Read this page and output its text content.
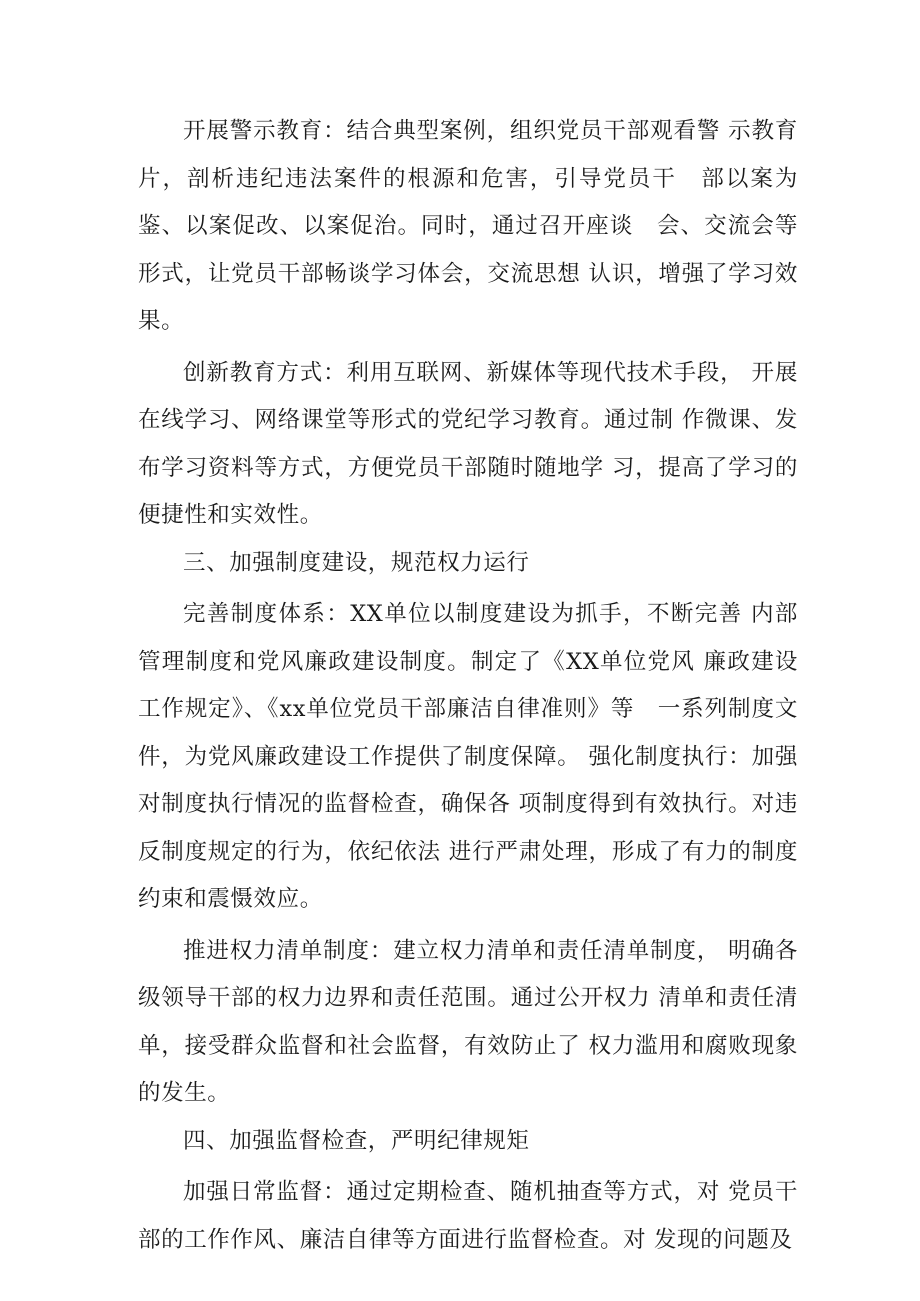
开展警示教育：结合典型案例，组织党员干部观看警 示教育片，剖析违纪违法案件的根源和危害，引导党员干　部以案为鉴、以案促改、以案促治。同时，通过召开座谈　会、交流会等形式，让党员干部畅谈学习体会，交流思想 认识，增强了学习效果。

创新教育方式：利用互联网、新媒体等现代技术手段， 开展在线学习、网络课堂等形式的党纪学习教育。通过制 作微课、发布学习资料等方式，方便党员干部随时随地学 习，提高了学习的便捷性和实效性。

三、加强制度建设，规范权力运行

完善制度体系：XX单位以制度建设为抓手，不断完善 内部管理制度和党风廉政建设制度。制定了《XX单位党风 廉政建设工作规定》、《xx单位党员干部廉洁自律准则》等　一系列制度文件，为党风廉政建设工作提供了制度保障。 强化制度执行：加强对制度执行情况的监督检查，确保各 项制度得到有效执行。对违反制度规定的行为，依纪依法 进行严肃处理，形成了有力的制度约束和震慑效应。

推进权力清单制度：建立权力清单和责任清单制度， 明确各级领导干部的权力边界和责任范围。通过公开权力 清单和责任清单，接受群众监督和社会监督，有效防止了 权力滥用和腐败现象的发生。

四、加强监督检查，严明纪律规矩

加强日常监督：通过定期检查、随机抽查等方式，对 党员干部的工作作风、廉洁自律等方面进行监督检查。对 发现的问题及
